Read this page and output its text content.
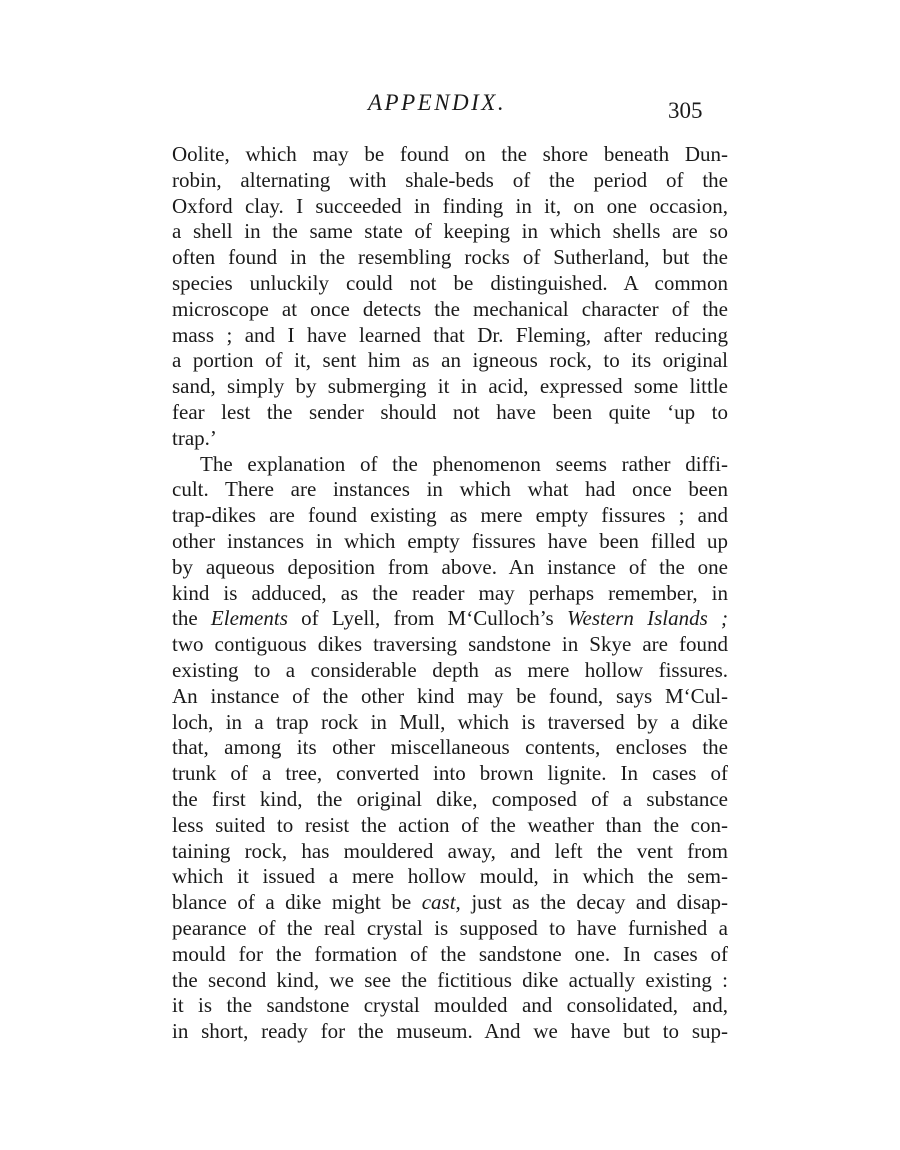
APPENDIX.	305
Oolite, which may be found on the shore beneath Dun-
robin, alternating with shale-beds of the period of the
Oxford clay. I succeeded in finding in it, on one occasion,
a shell in the same state of keeping in which shells are so
often found in the resembling rocks of Sutherland, but the
species unluckily could not be distinguished. A common
microscope at once detects the mechanical character of the
mass ; and I have learned that Dr. Fleming, after reducing
a portion of it, sent him as an igneous rock, to its original
sand, simply by submerging it in acid, expressed some little
fear lest the sender should not have been quite ‘up to
trap.’
The explanation of the phenomenon seems rather diffi-
cult. There are instances in which what had once been
trap-dikes are found existing as mere empty fissures ; and
other instances in which empty fissures have been filled up
by aqueous deposition from above. An instance of the one
kind is adduced, as the reader may perhaps remember, in
the Elements of Lyell, from M‘Culloch’s Western Islands ;
two contiguous dikes traversing sandstone in Skye are found
existing to a considerable depth as mere hollow fissures.
An instance of the other kind may be found, says M‘Cul-
loch, in a trap rock in Mull, which is traversed by a dike
that, among its other miscellaneous contents, encloses the
trunk of a tree, converted into brown lignite. In cases of
the first kind, the original dike, composed of a substance
less suited to resist the action of the weather than the con-
taining rock, has mouldered away, and left the vent from
which it issued a mere hollow mould, in which the sem-
blance of a dike might be cast, just as the decay and disap-
pearance of the real crystal is supposed to have furnished a
mould for the formation of the sandstone one. In cases of
the second kind, we see the fictitious dike actually existing :
it is the sandstone crystal moulded and consolidated, and,
in short, ready for the museum. And we have but to sup-
